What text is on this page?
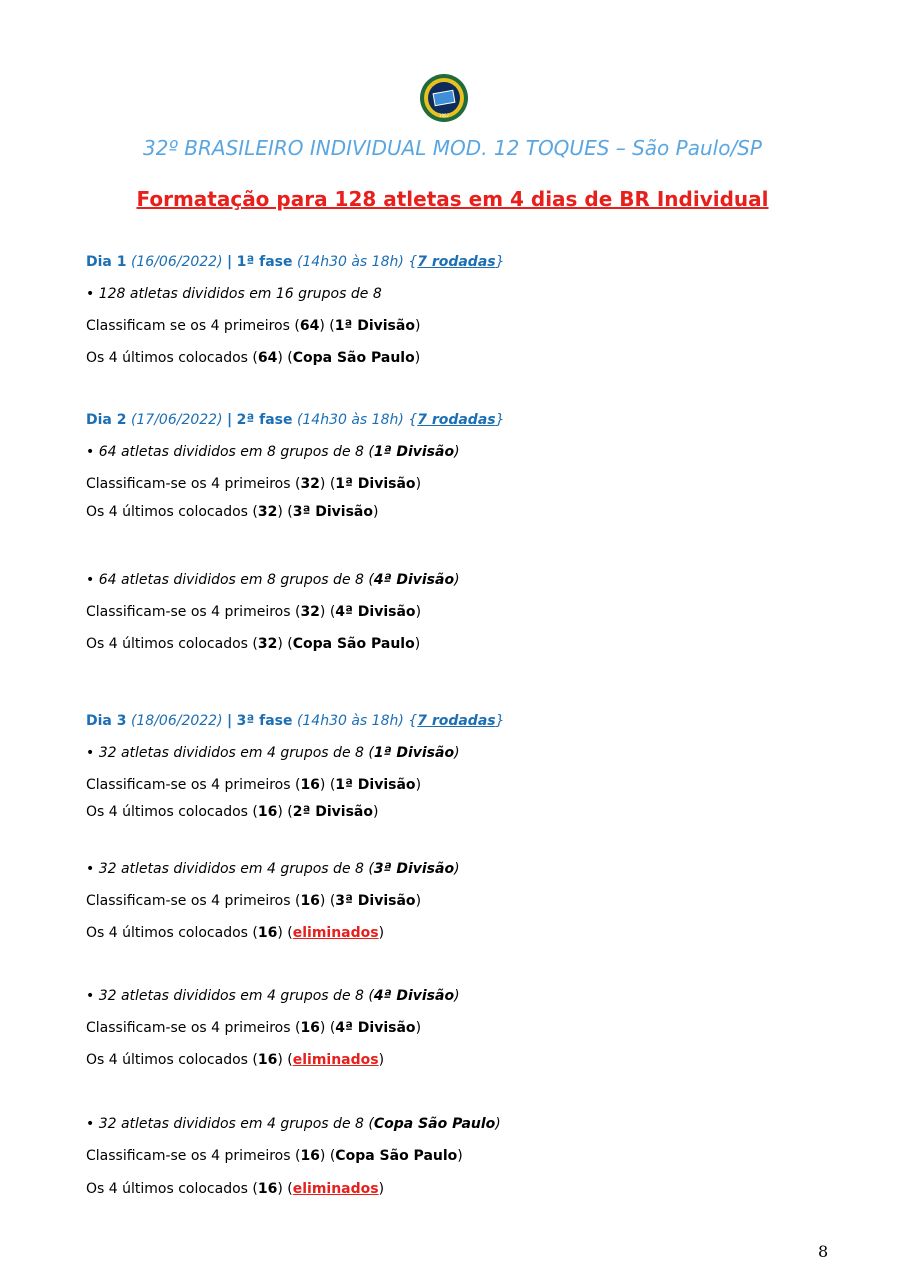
1957
32º BRASILEIRO INDIVIDUAL MOD. 12 TOQUES – São Paulo/SP
Formatação para 128 atletas em 4 dias de BR Individual
Dia 1 (16/06/2022) | 1ª fase (14h30 às 18h) {7 rodadas}
• 128 atletas divididos em 16 grupos de 8
Classificam se os 4 primeiros (64) (1ª Divisão)
Os 4 últimos colocados (64) (Copa São Paulo)
Dia 2 (17/06/2022) | 2ª fase (14h30 às 18h) {7 rodadas}
• 64 atletas divididos em 8 grupos de 8 (1ª Divisão)
Classificam-se os 4 primeiros (32) (1ª Divisão)
Os 4 últimos colocados (32) (3ª Divisão)
• 64 atletas divididos em 8 grupos de 8 (4ª Divisão)
Classificam-se os 4 primeiros (32) (4ª Divisão)
Os 4 últimos colocados (32) (Copa São Paulo)
Dia 3 (18/06/2022) | 3ª fase (14h30 às 18h) {7 rodadas}
• 32 atletas divididos em 4 grupos de 8 (1ª Divisão)
Classificam-se os 4 primeiros (16) (1ª Divisão)
Os 4 últimos colocados (16) (2ª Divisão)
• 32 atletas divididos em 4 grupos de 8 (3ª Divisão)
Classificam-se os 4 primeiros (16) (3ª Divisão)
Os 4 últimos colocados (16) (eliminados)
• 32 atletas divididos em 4 grupos de 8 (4ª Divisão)
Classificam-se os 4 primeiros (16) (4ª Divisão)
Os 4 últimos colocados (16) (eliminados)
• 32 atletas divididos em 4 grupos de 8 (Copa São Paulo)
Classificam-se os 4 primeiros (16) (Copa São Paulo)
Os 4 últimos colocados (16) (eliminados)
8
